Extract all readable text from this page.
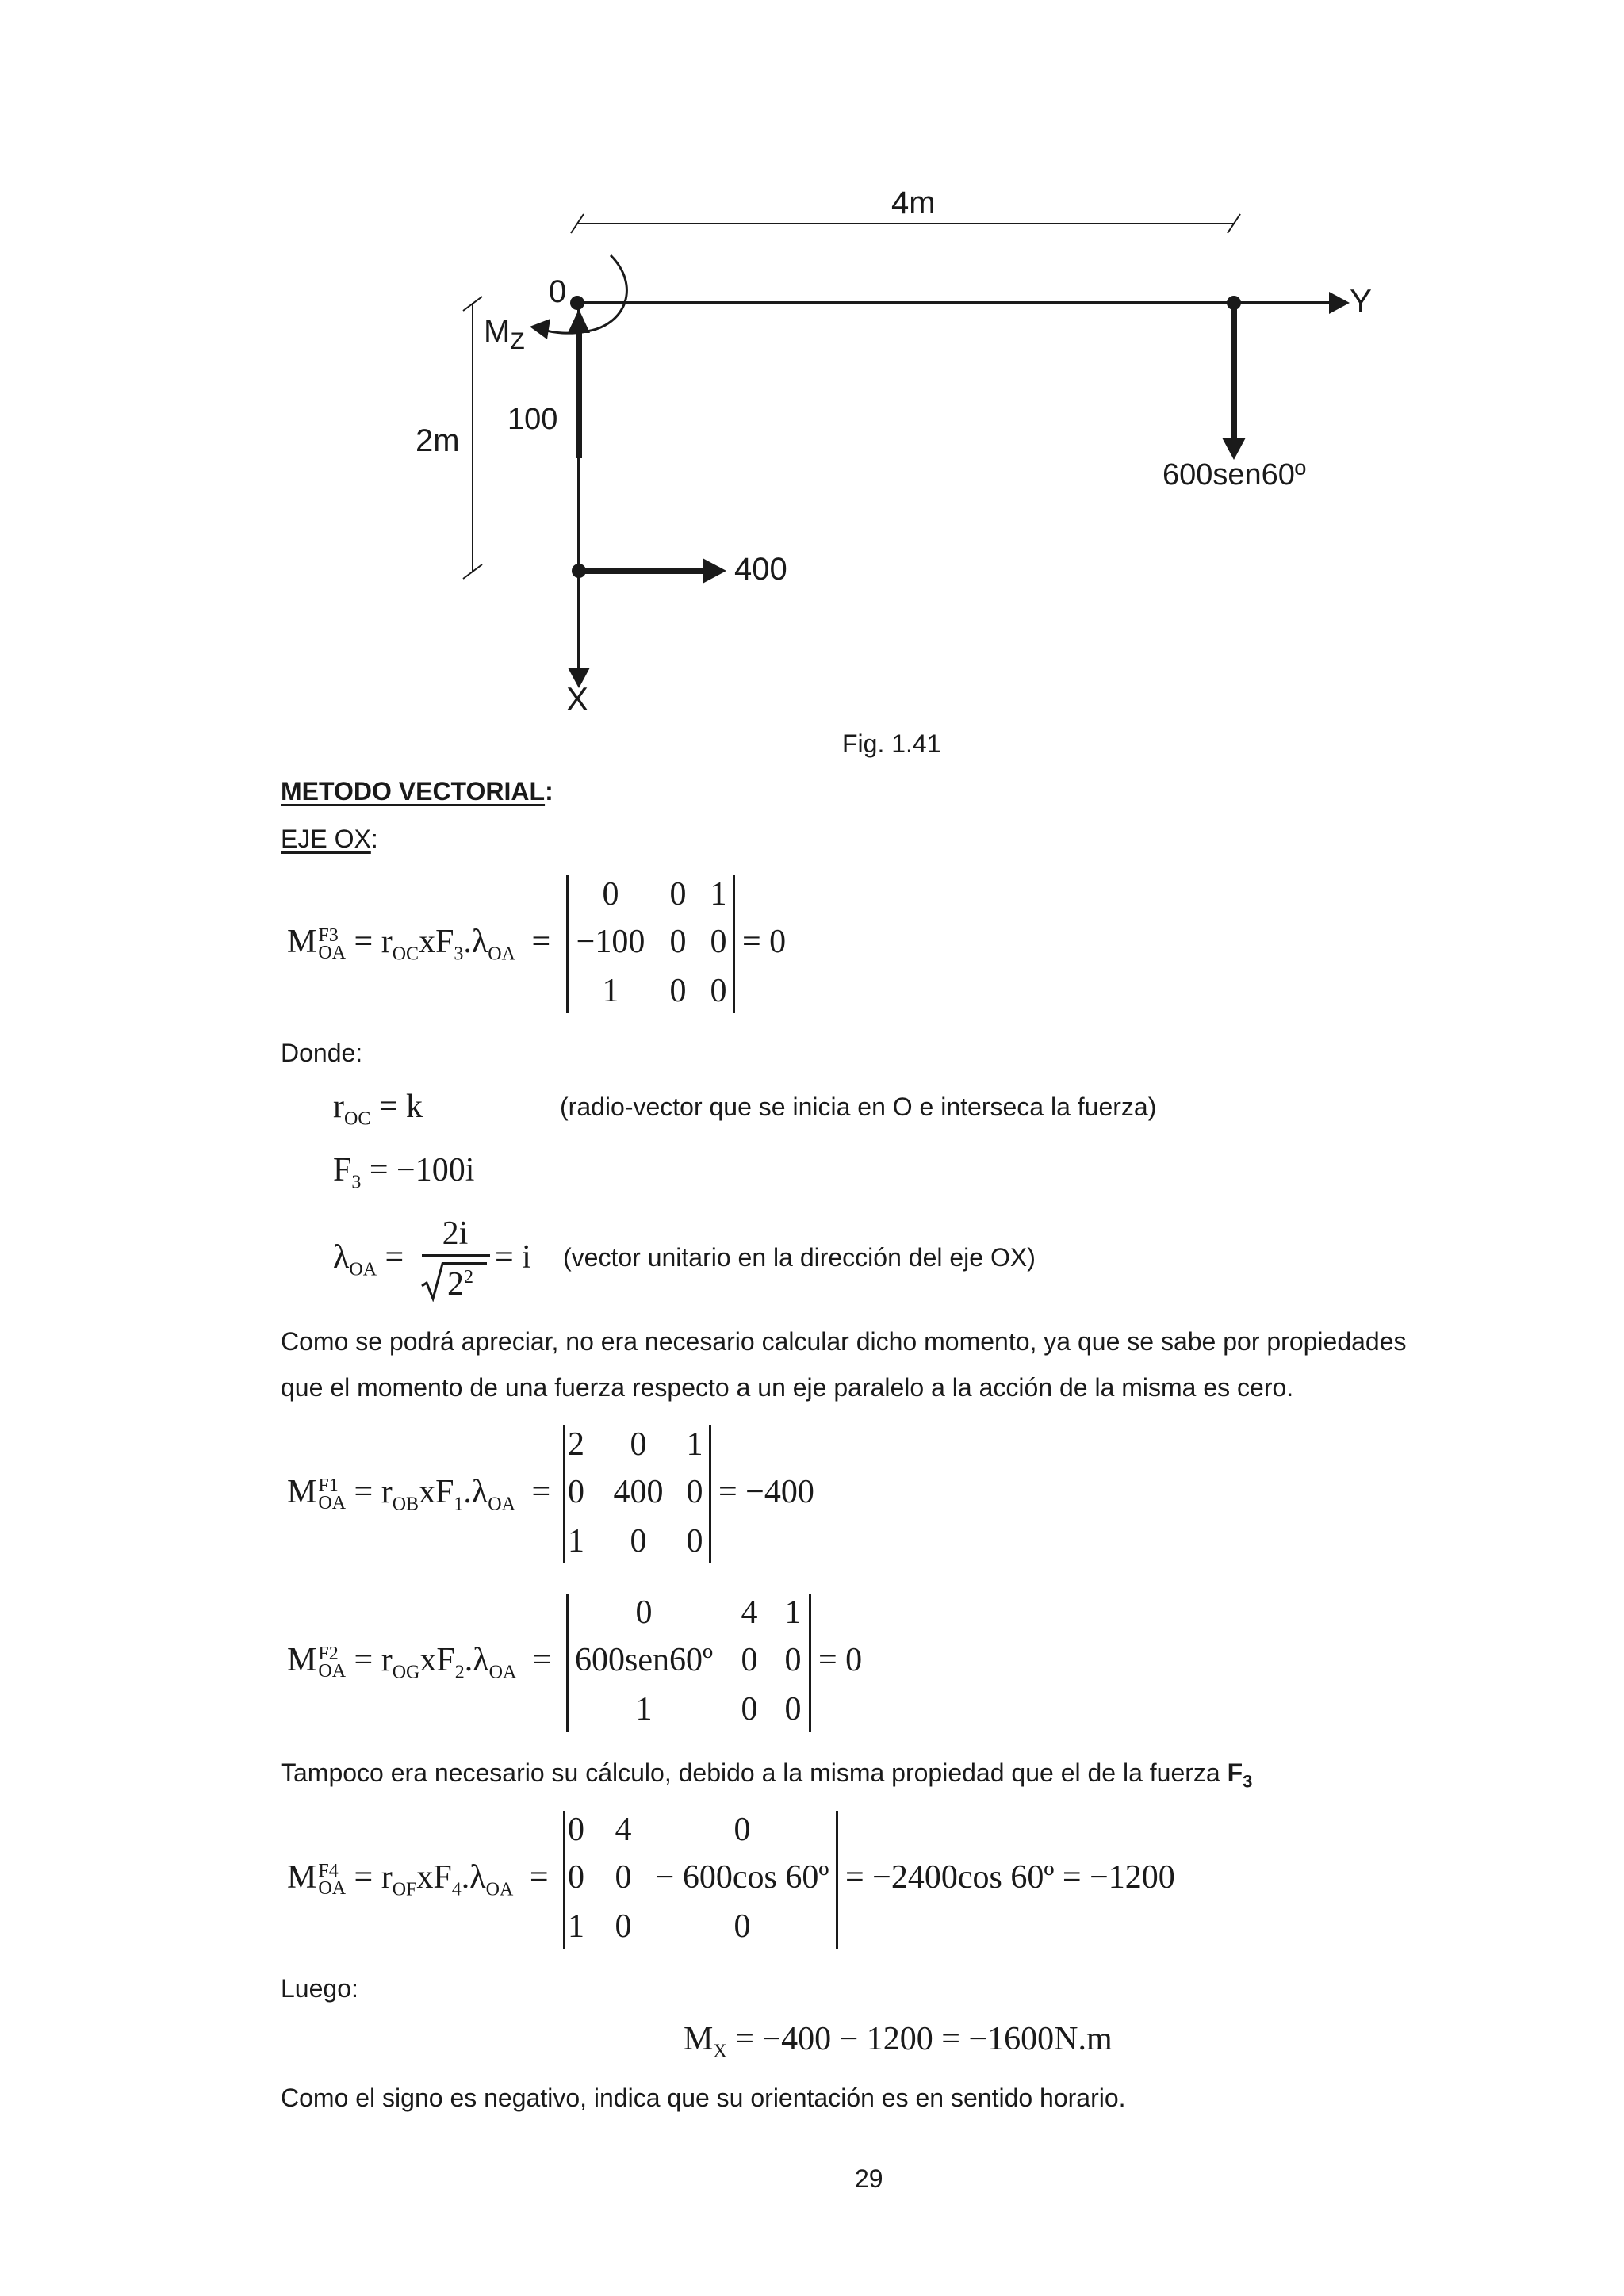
4m
2m
0
$M_Z$
Y
X
100
400
600sen60º
Fig. 1.41
METODO VECTORIAL:
EJE OX:
M F3
OA = $r_{OC}xF_3.\lambda_{OA}$ =
0	0 1
−100 0 0
1	0 0
= 0
Donde:
$r_{OC} = k$	(radio-vector que se inicia en O e interseca la fuerza)
$F_3 = -100i$
$\lambda_{OA}$ =
2i
$2^2$
= i (vector unitario en la dirección del eje OX)
Como se podrá apreciar, no era necesario calcular dicho momento, ya que se sabe por propiedades
que el momento de una fuerza respecto a un eje paralelo a la acción de la misma es cero.
M F1
OA = $r_{OB}xF_1.\lambda_{OA}$ =
2	0	1
0 400 0
1	0	0
= −400
M F2
OA = $r_{OG}xF_2.\lambda_{OA}$ =
0	4 1
600sen60º 0 0
1	0 0
= 0
Tampoco era necesario su cálculo, debido a la misma propiedad que el de la fuerza $F_3$
M F4
OA = $r_{OF}xF_4.\lambda_{OA}$ =
0 4	0
0 0 − 600cos 60º
1 0	0
= −2400cos 60º = −1200
Luego:
$M_X = -400 - 1200 = -1600N.m$
Como el signo es negativo, indica que su orientación es en sentido horario.
29
